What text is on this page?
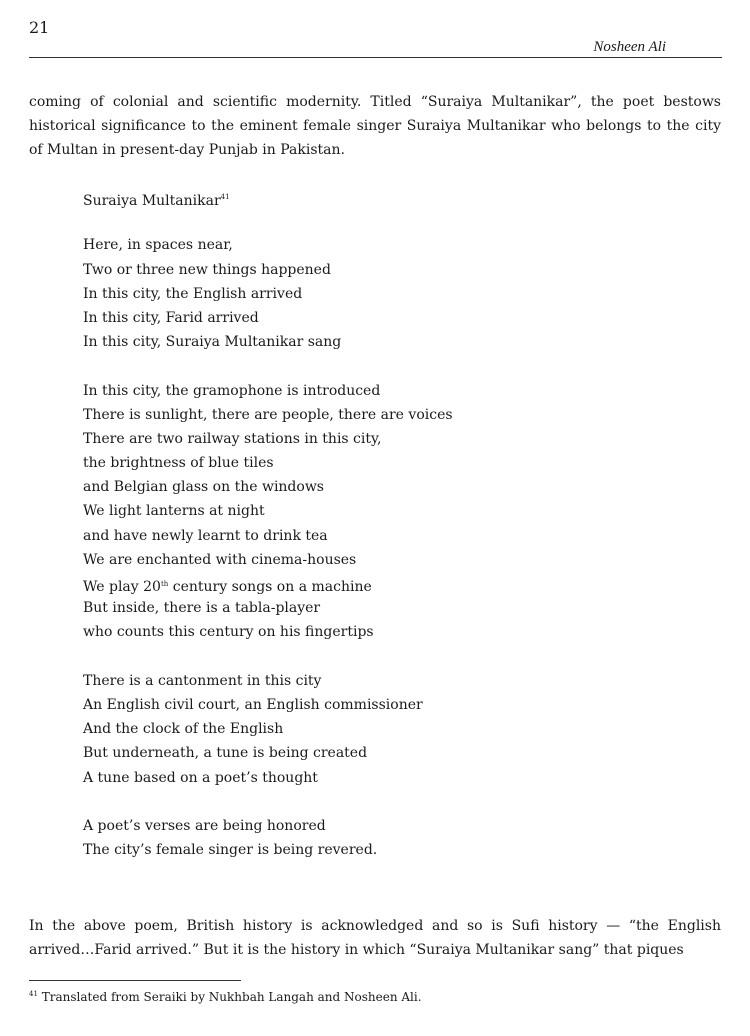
21
Nosheen Ali

coming of colonial and scientific modernity. Titled “Suraiya Multanikar”, the poet bestows historical significance to the eminent female singer Suraiya Multanikar who belongs to the city of Multan in present-day Punjab in Pakistan.

Suraiya Multanikar$^{41}$
Here, in spaces near,
Two or three new things happened
In this city, the English arrived
In this city, Farid arrived
In this city, Suraiya Multanikar sang
In this city, the gramophone is introduced
There is sunlight, there are people, there are voices
There are two railway stations in this city,
the brightness of blue tiles
and Belgian glass on the windows
We light lanterns at night
and have newly learnt to drink tea
We are enchanted with cinema-houses
We play 20th century songs on a machine
But inside, there is a tabla-player
who counts this century on his fingertips
There is a cantonment in this city
An English civil court, an English commissioner
And the clock of the English
But underneath, a tune is being created
A tune based on a poet’s thought
A poet’s verses are being honored
The city’s female singer is being revered.

In the above poem, British history is acknowledged and so is Sufi history — “the English arrived…Farid arrived.” But it is the history in which “Suraiya Multanikar sang” that piques

$^{41}$ Translated from Seraiki by Nukhbah Langah and Nosheen Ali.
